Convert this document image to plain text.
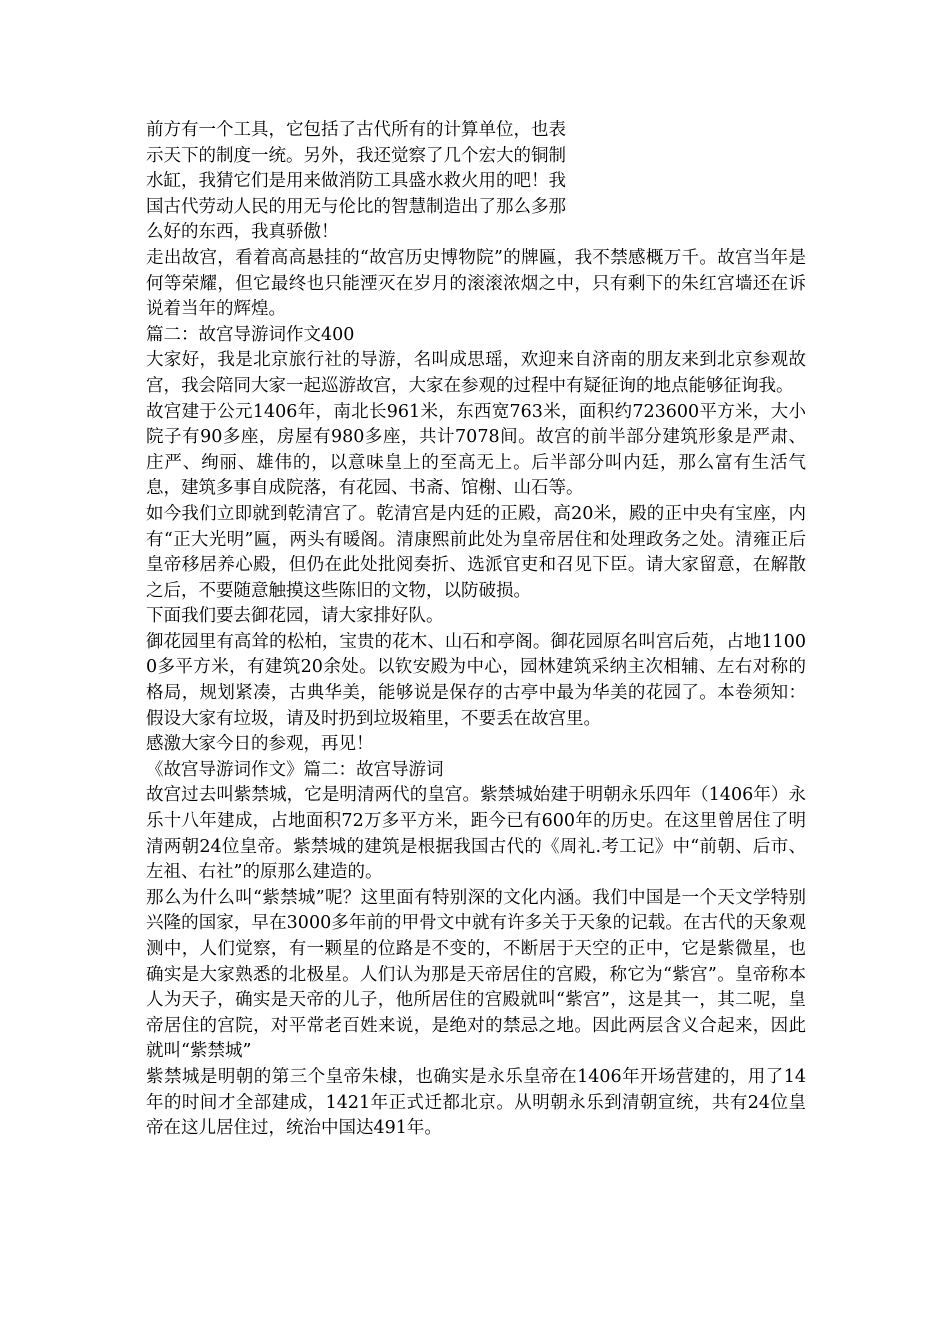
前方有一个工具，它包括了古代所有的计算单位，也表
示天下的制度一统。另外，我还觉察了几个宏大的铜制
水缸，我猜它们是用来做消防工具盛水救火用的吧！我
国古代劳动人民的用无与伦比的智慧制造出了那么多那
么好的东西，我真骄傲！

走出故宫，看着高高悬挂的“故宫历史博物院”的牌匾，我不禁感概万千。故宫当年是何等荣耀，但它最终也只能湮灭在岁月的滚滚浓烟之中，只有剩下的朱红宫墙还在诉说着当年的辉煌。

篇二：故宫导游词作文400

大家好，我是北京旅行社的导游，名叫成思瑶，欢迎来自济南的朋友来到北京参观故宫，我会陪同大家一起巡游故宫，大家在参观的过程中有疑征询的地点能够征询我。

故宫建于公元1406年，南北长961米，东西宽763米，面积约723600平方米，大小院子有90多座，房屋有980多座，共计7078间。故宫的前半部分建筑形象是严肃、庄严、绚丽、雄伟的，以意味皇上的至高无上。后半部分叫内廷，那么富有生活气息，建筑多事自成院落，有花园、书斋、馆榭、山石等。

如今我们立即就到乾清宫了。乾清宫是内廷的正殿，高20米，殿的正中央有宝座，内有“正大光明”匾，两头有暖阁。清康熙前此处为皇帝居住和处理政务之处。清雍正后皇帝移居养心殿，但仍在此处批阅奏折、选派官吏和召见下臣。请大家留意，在解散之后，不要随意触摸这些陈旧的文物，以防破损。

下面我们要去御花园，请大家排好队。

御花园里有高耸的松柏，宝贵的花木、山石和亭阁。御花园原名叫宫后苑，占地11000多平方米，有建筑20余处。以钦安殿为中心，园林建筑采纳主次相辅、左右对称的格局，规划紧凑，古典华美，能够说是保存的古亭中最为华美的花园了。本卷须知：假设大家有垃圾，请及时扔到垃圾箱里，不要丢在故宫里。

感激大家今日的参观，再见！

《故宫导游词作文》篇二：故宫导游词

故宫过去叫紫禁城，它是明清两代的皇宫。紫禁城始建于明朝永乐四年（1406年）永乐十八年建成，占地面积72万多平方米，距今已有600年的历史。在这里曾居住了明清两朝24位皇帝。紫禁城的建筑是根据我国古代的《周礼.考工记》中“前朝、后市、左祖、右社”的原那么建造的。

那么为什么叫“紫禁城”呢？这里面有特别深的文化内涵。我们中国是一个天文学特别兴隆的国家，早在3000多年前的甲骨文中就有许多关于天象的记载。在古代的天象观测中，人们觉察，有一颗星的位路是不变的，不断居于天空的正中，它是紫微星，也确实是大家熟悉的北极星。人们认为那是天帝居住的宫殿，称它为“紫宫”。皇帝称本人为天子，确实是天帝的儿子，他所居住的宫殿就叫“紫宫”，这是其一，其二呢，皇帝居住的宫院，对平常老百姓来说，是绝对的禁忌之地。因此两层含义合起来，因此就叫“紫禁城”

紫禁城是明朝的第三个皇帝朱棣，也确实是永乐皇帝在1406年开场营建的，用了14年的时间才全部建成，1421年正式迁都北京。从明朝永乐到清朝宣统，共有24位皇帝在这儿居住过，统治中国达491年。
